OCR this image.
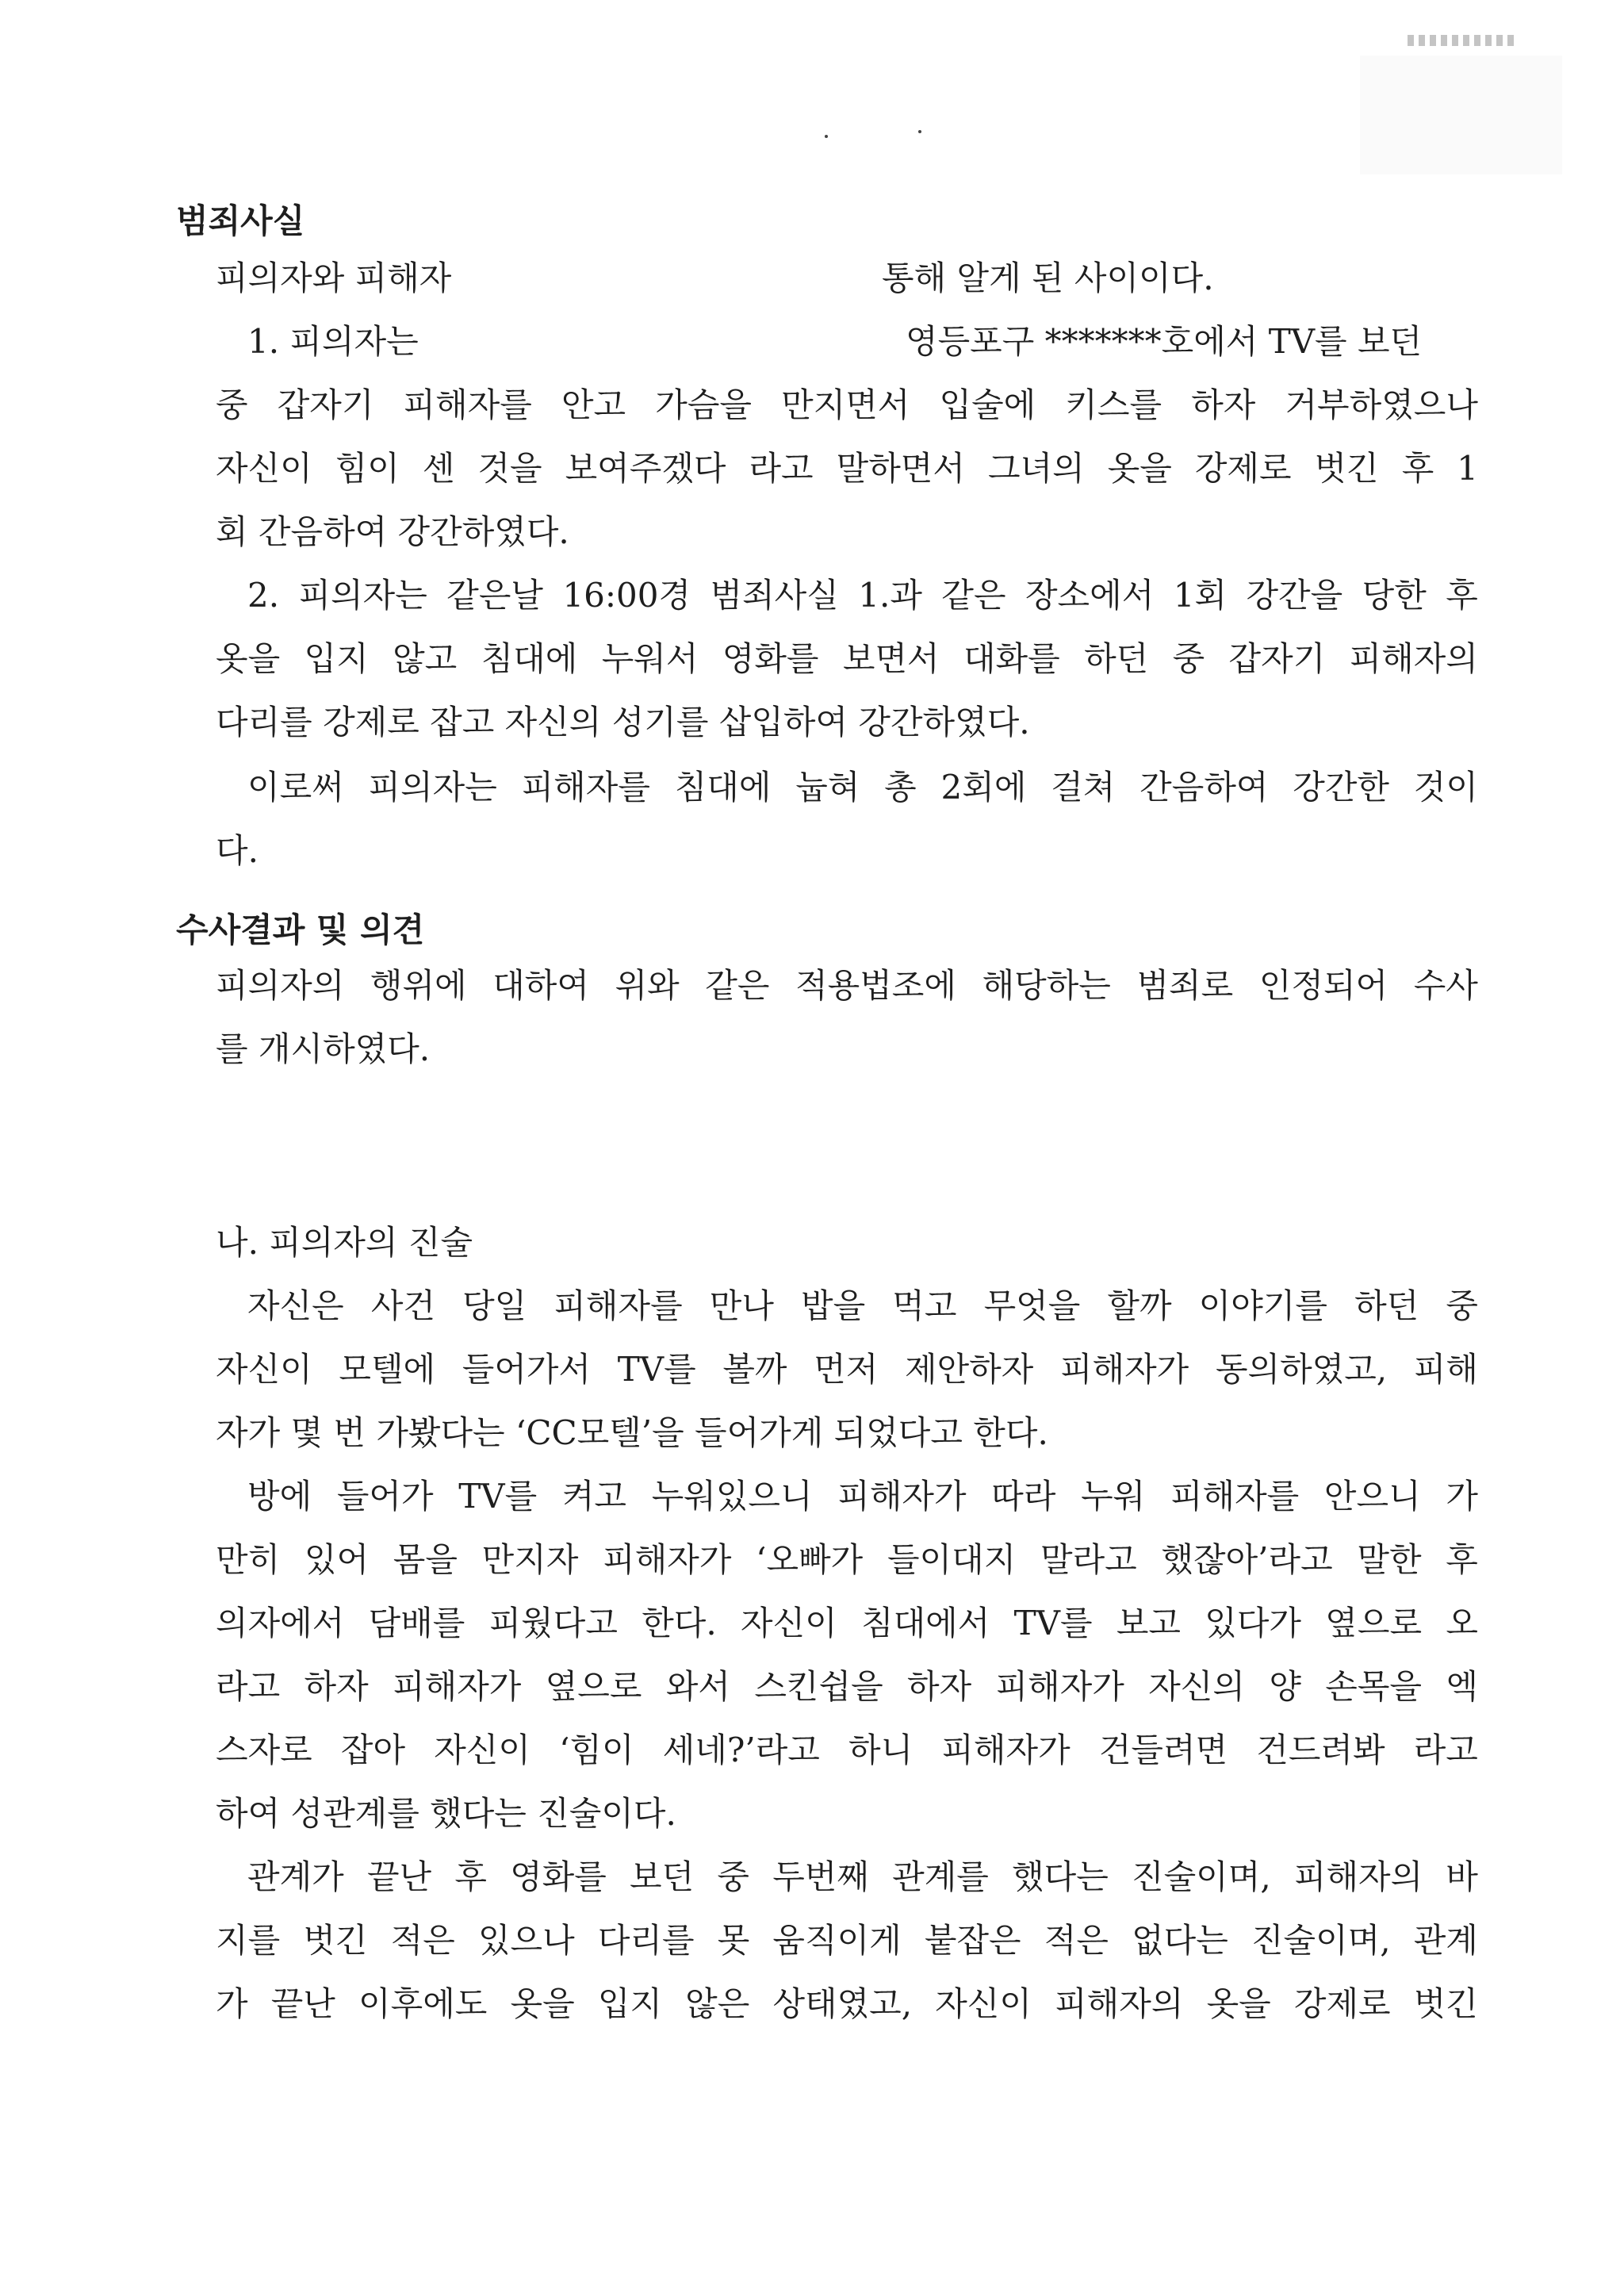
범죄사실
피의자와 피해자	통해 알게 된 사이이다.
1. 피의자는	영등포구 *******호에서 TV를 보던
중 갑자기 피해자를 안고 가슴을 만지면서 입술에 키스를 하자 거부하였으나
자신이 힘이 센 것을 보여주겠다 라고 말하면서 그녀의 옷을 강제로 벗긴 후 1
회 간음하여 강간하였다.
2. 피의자는 같은날 16:00경 범죄사실 1.과 같은 장소에서 1회 강간을 당한 후
옷을 입지 않고 침대에 누워서 영화를 보면서 대화를 하던 중 갑자기 피해자의
다리를 강제로 잡고 자신의 성기를 삽입하여 강간하였다.
이로써 피의자는 피해자를 침대에 눕혀 총 2회에 걸쳐 간음하여 강간한 것이
다.
수사결과 및 의견
피의자의 행위에 대하여 위와 같은 적용법조에 해당하는 범죄로 인정되어 수사
를 개시하였다.
나. 피의자의 진술
자신은 사건 당일 피해자를 만나 밥을 먹고 무엇을 할까 이야기를 하던 중
자신이 모텔에 들어가서 TV를 볼까 먼저 제안하자 피해자가 동의하였고, 피해
자가 몇 번 가봤다는 ‘CC모텔’을 들어가게 되었다고 한다.
방에 들어가 TV를 켜고 누워있으니 피해자가 따라 누워 피해자를 안으니 가
만히 있어 몸을 만지자 피해자가 ‘오빠가 들이대지 말라고 했잖아’라고 말한 후
의자에서 담배를 피웠다고 한다. 자신이 침대에서 TV를 보고 있다가 옆으로 오
라고 하자 피해자가 옆으로 와서 스킨쉽을 하자 피해자가 자신의 양 손목을 엑
스자로 잡아 자신이 ‘힘이 세네?’라고 하니 피해자가 건들려면 건드려봐 라고
하여 성관계를 했다는 진술이다.
관계가 끝난 후 영화를 보던 중 두번째 관계를 했다는 진술이며, 피해자의 바
지를 벗긴 적은 있으나 다리를 못 움직이게 붙잡은 적은 없다는 진술이며, 관계
가 끝난 이후에도 옷을 입지 않은 상태였고, 자신이 피해자의 옷을 강제로 벗긴
